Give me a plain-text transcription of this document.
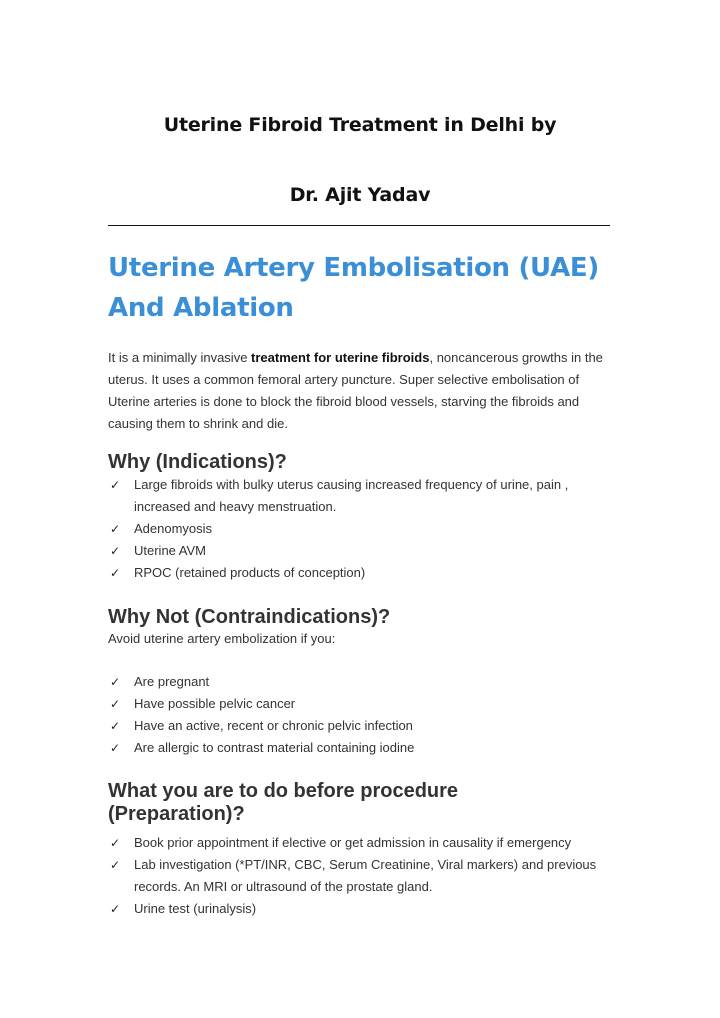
Uterine Fibroid Treatment in Delhi by
Dr. Ajit Yadav
Uterine Artery Embolisation (UAE) And Ablation

It is a minimally invasive treatment for uterine fibroids, noncancerous growths in the uterus. It uses a common femoral artery puncture. Super selective embolisation of Uterine arteries is done to block the fibroid blood vessels, starving the fibroids and causing them to shrink and die.

Why (Indications)?
✓ Large fibroids with bulky uterus causing increased frequency of urine, pain , increased and heavy menstruation.
✓ Adenomyosis
✓ Uterine AVM
✓ RPOC (retained products of conception)
Why Not (Contraindications)?

Avoid uterine artery embolization if you:

✓ Are pregnant
✓ Have possible pelvic cancer
✓ Have an active, recent or chronic pelvic infection
✓ Are allergic to contrast material containing iodine
What you are to do before procedure (Preparation)?
✓ Book prior appointment if elective or get admission in causality if emergency
✓ Lab investigation (*PT/INR, CBC, Serum Creatinine, Viral markers) and previous records. An MRI or ultrasound of the prostate gland.
✓ Urine test (urinalysis)
